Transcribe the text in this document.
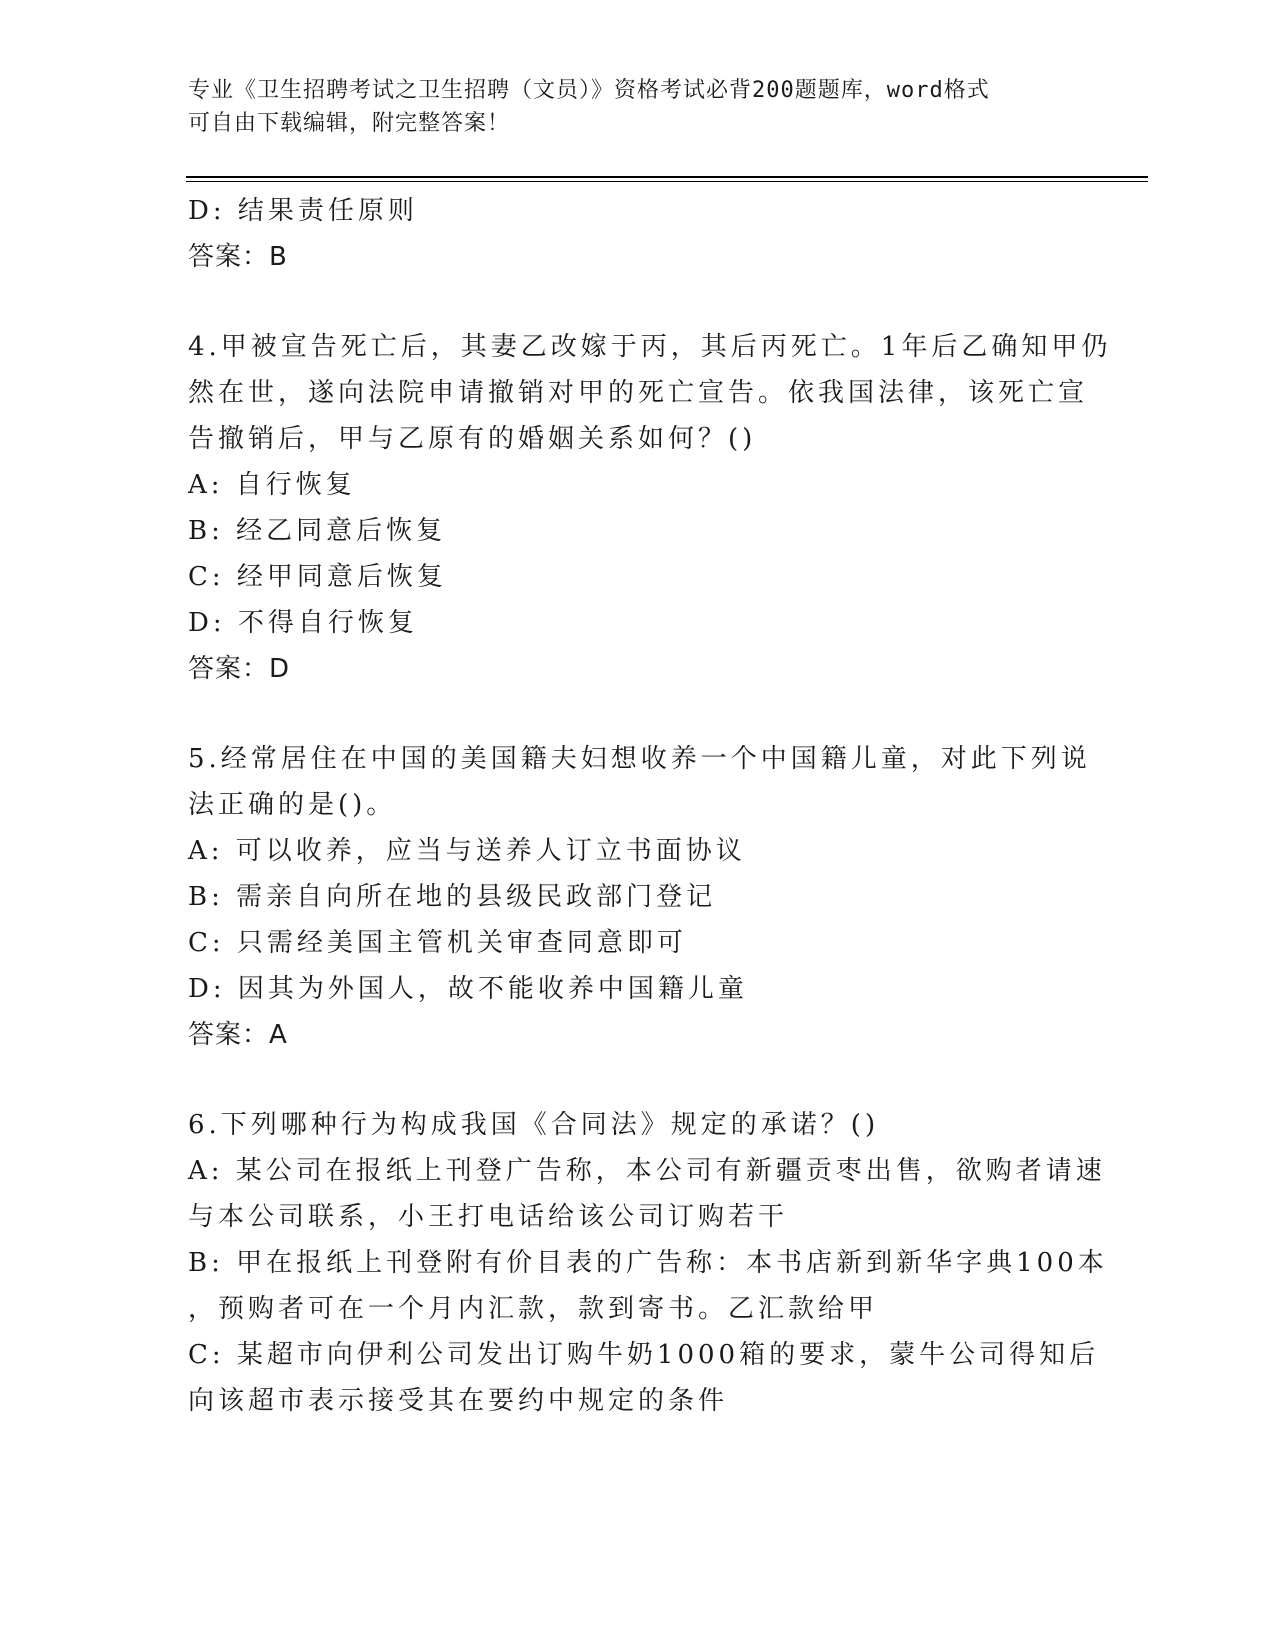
专业《卫生招聘考试之卫生招聘（文员）》资格考试必背200题题库，word格式
可自由下载编辑，附完整答案！
D: 结果责任原则
答案：B
4.甲被宣告死亡后，其妻乙改嫁于丙，其后丙死亡。1年后乙确知甲仍
然在世，遂向法院申请撤销对甲的死亡宣告。依我国法律，该死亡宣
告撤销后，甲与乙原有的婚姻关系如何？()
A: 自行恢复
B: 经乙同意后恢复
C: 经甲同意后恢复
D: 不得自行恢复
答案：D
5.经常居住在中国的美国籍夫妇想收养一个中国籍儿童，对此下列说
法正确的是()。
A: 可以收养，应当与送养人订立书面协议
B: 需亲自向所在地的县级民政部门登记
C: 只需经美国主管机关审查同意即可
D: 因其为外国人，故不能收养中国籍儿童
答案：A
6.下列哪种行为构成我国《合同法》规定的承诺？()
A: 某公司在报纸上刊登广告称，本公司有新疆贡枣出售，欲购者请速
与本公司联系，小王打电话给该公司订购若干
B: 甲在报纸上刊登附有价目表的广告称：本书店新到新华字典100本
，预购者可在一个月内汇款，款到寄书。乙汇款给甲
C: 某超市向伊利公司发出订购牛奶1000箱的要求，蒙牛公司得知后
向该超市表示接受其在要约中规定的条件
